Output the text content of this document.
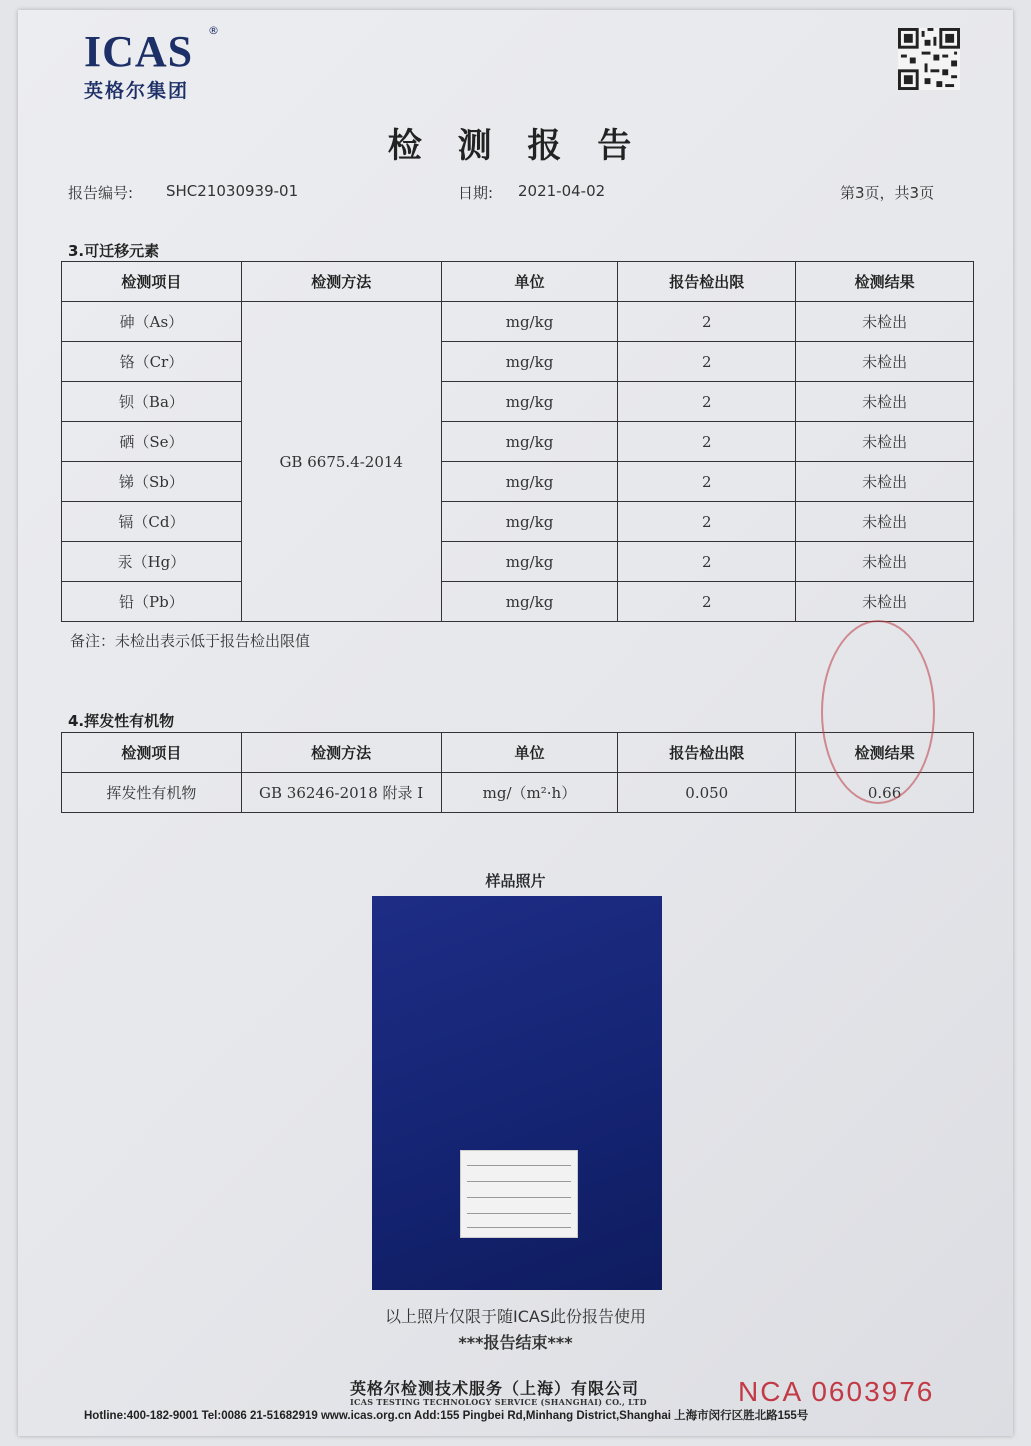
ICAS ®
英格尔集团
检 测 报 告
报告编号: SHC21030939-01	日期: 2021-04-02	第3页，共3页
3.可迁移元素
检测项目	检测方法	单位	报告检出限	检测结果
砷（As）	GB 6675.4-2014	mg/kg	2	未检出
铬（Cr）		mg/kg	2	未检出
钡（Ba）		mg/kg	2	未检出
硒（Se）		mg/kg	2	未检出
锑（Sb）		mg/kg	2	未检出
镉（Cd）		mg/kg	2	未检出
汞（Hg）		mg/kg	2	未检出
铅（Pb）		mg/kg	2	未检出
备注：未检出表示低于报告检出限值
4.挥发性有机物
检测项目	检测方法	单位	报告检出限	检测结果
挥发性有机物	GB 36246-2018 附录 I	mg/（m²·h）	0.050	0.66
样品照片
以上照片仅限于随ICAS此份报告使用
***报告结束***
英格尔检测技术服务（上海）有限公司
ICAS TESTING TECHNOLOGY SERVICE (SHANGHAI) CO., LTD	NCA 0603976
Hotline:400-182-9001 Tel:0086 21-51682919 www.icas.org.cn Add:155 Pingbei Rd,Minhang District,Shanghai 上海市闵行区胜北路155号
